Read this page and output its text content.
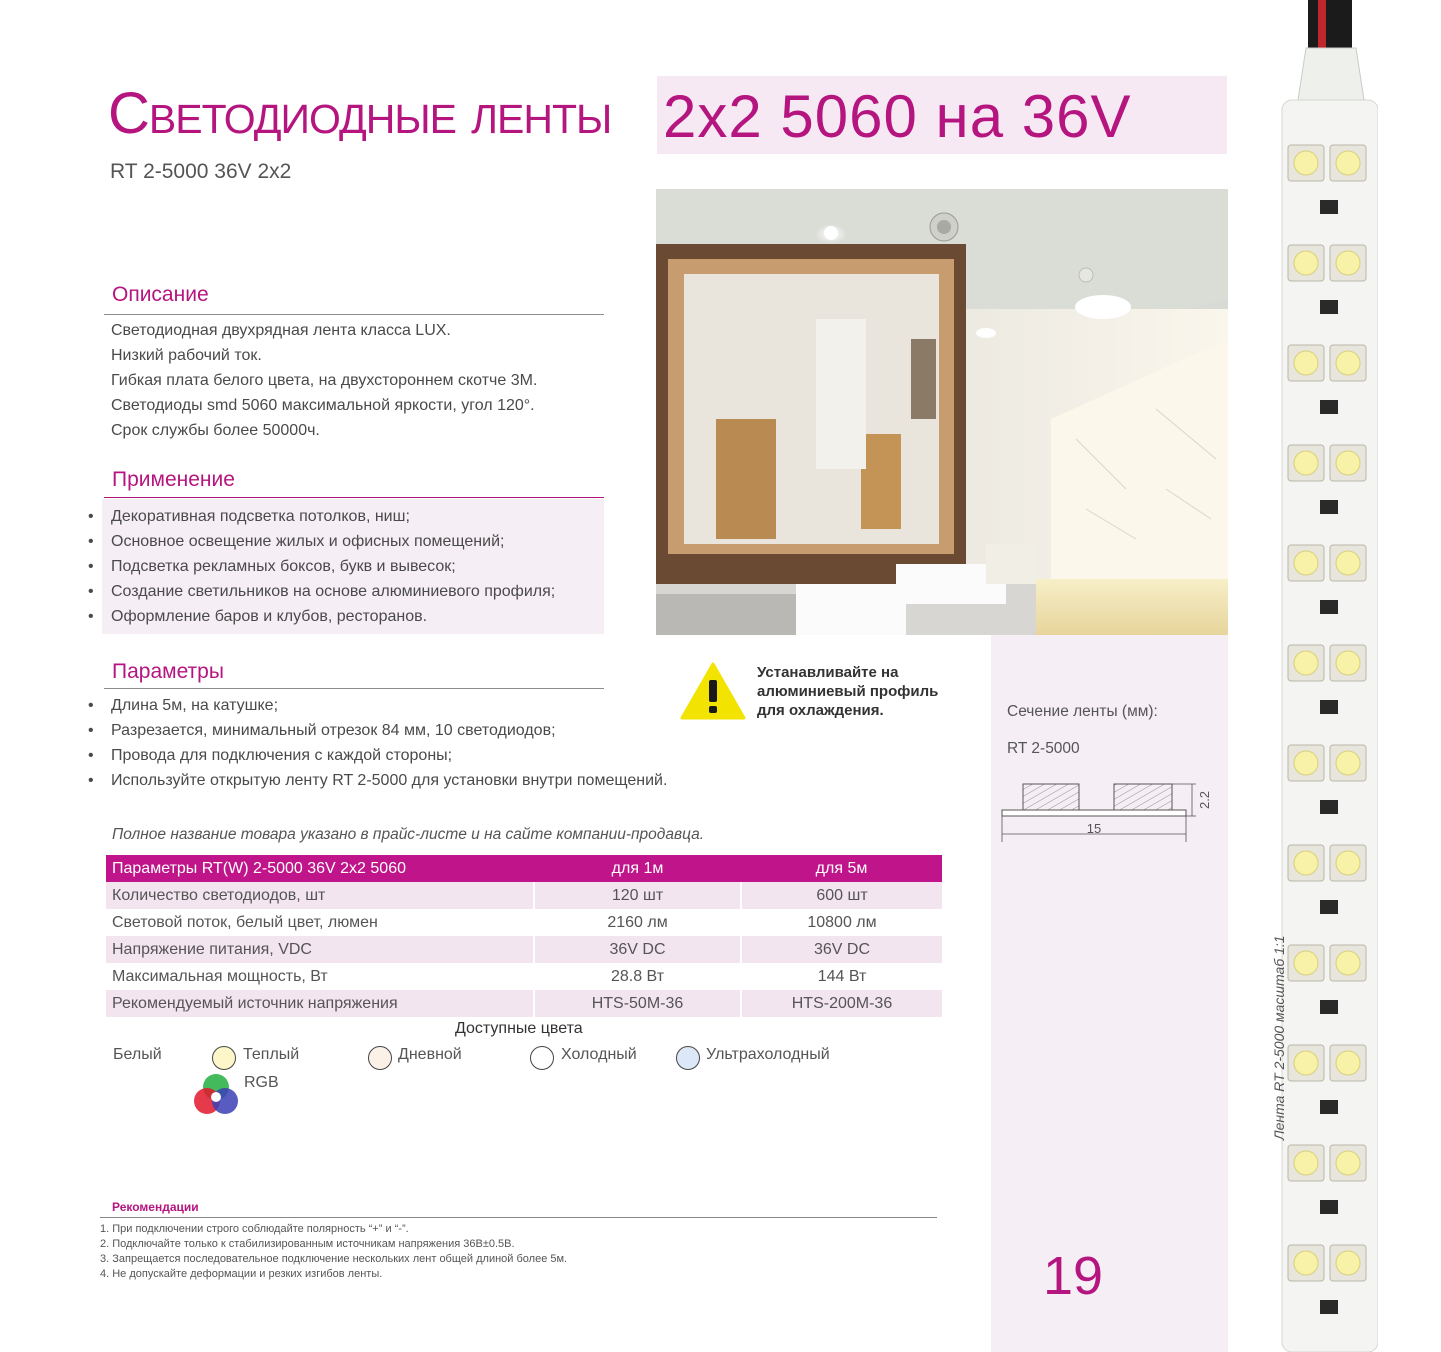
Светодиодные ленты
RT 2-5000 36V 2x2
2х2 5060 на 36V
Описание
Светодиодная двухрядная лента класса LUX.
Низкий рабочий ток.
Гибкая плата белого цвета, на двухстороннем скотче 3M.
Светодиоды smd 5060 максимальной яркости, угол 120°.
Срок службы более 50000ч.
Применение
• Декоративная подсветка потолков, ниш;
• Основное освещение жилых и офисных помещений;
• Подсветка рекламных боксов, букв и вывесок;
• Создание светильников на основе алюминиевого профиля;
• Оформление баров и клубов, ресторанов.
Параметры
• Длина 5м, на катушке;
• Разрезается, минимальный отрезок 84 мм, 10 светодиодов;
• Провода для подключения с каждой стороны;
• Используйте открытую ленту RT 2-5000 для установки внутри помещений.
Устанавливайте на
алюминиевый профиль
для охлаждения.	Сечение ленты (мм):
RT 2-5000
15
2.2
19
Полное название товара указано в прайс-листе и на сайте компании-продавца.
Параметры RT(W) 2-5000 36V 2x2 5060	для 1м	для 5м
Количество светодиодов, шт	120 шт	600 шт
Световой поток, белый цвет, люмен	2160 лм	10800 лм
Напряжение питания, VDC	36V DC	36V DC
Максимальная мощность, Вт	28.8 Вт	144 Вт
Рекомендуемый источник напряжения	HTS-50M-36	HTS-200M-36
Доступные цвета
Белый	Теплый	Дневной	Холодный	Ультрахолодный
RGB
Рекомендации
1. При подключении строго соблюдайте полярность “+” и “-”.
2. Подключайте только к стабилизированным источникам напряжения 36В±0.5В.
3. Запрещается последовательное подключение нескольких лент общей длиной более 5м.
4. Не допускайте деформации и резких изгибов ленты.
Лента RT 2-5000 масштаб 1:1
